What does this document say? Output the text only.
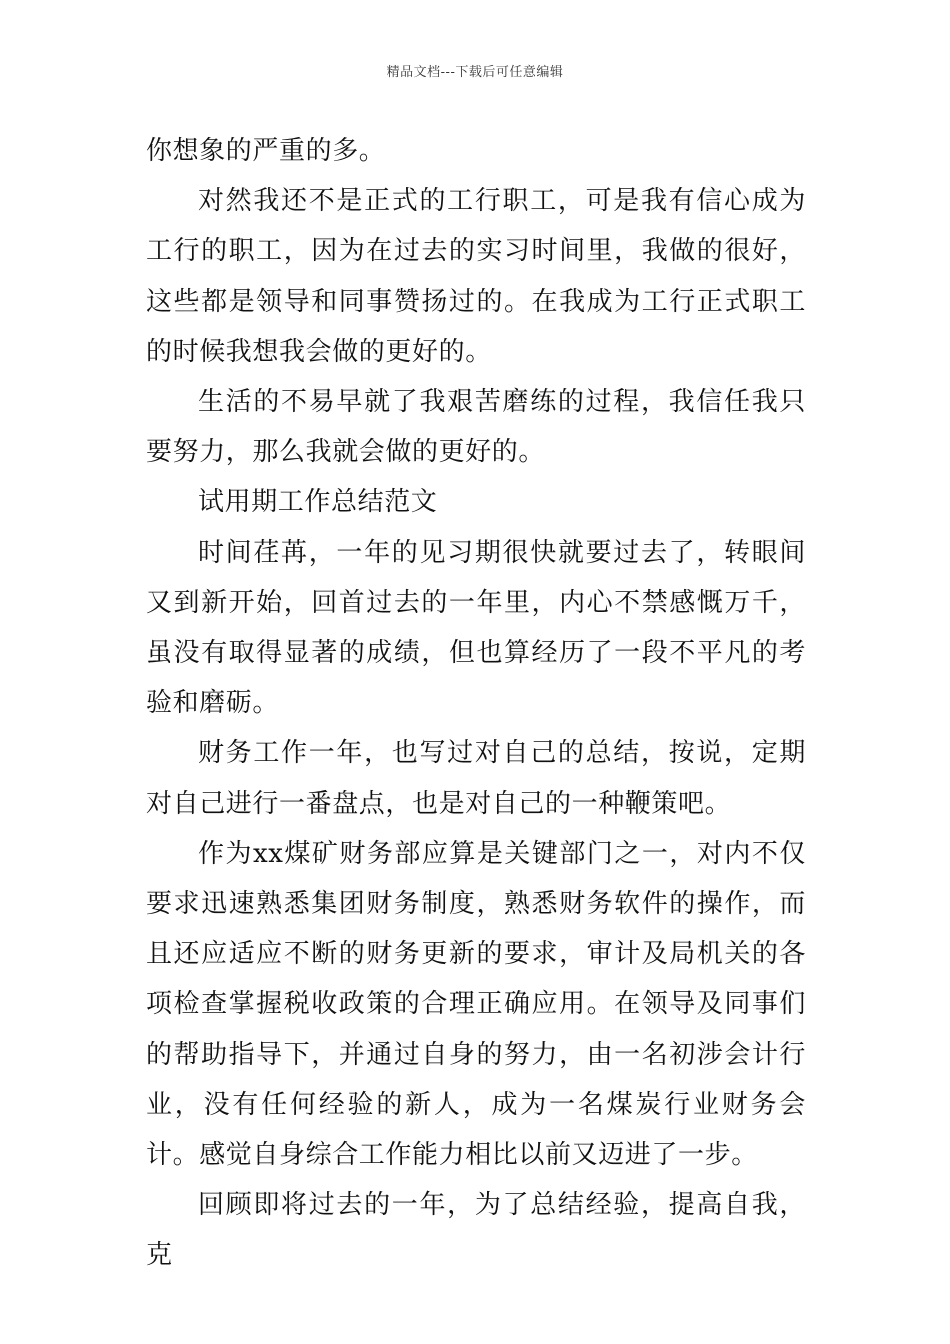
精品文档---下载后可任意编辑

你想象的严重的多。

对然我还不是正式的工行职工，可是我有信心成为工行的职工，因为在过去的实习时间里，我做的很好，这些都是领导和同事赞扬过的。在我成为工行正式职工的时候我想我会做的更好的。

生活的不易早就了我艰苦磨练的过程，我信任我只要努力，那么我就会做的更好的。

试用期工作总结范文

时间荏苒，一年的见习期很快就要过去了，转眼间又到新开始，回首过去的一年里，内心不禁感慨万千，虽没有取得显著的成绩，但也算经历了一段不平凡的考验和磨砺。

财务工作一年，也写过对自己的总结，按说，定期对自己进行一番盘点，也是对自己的一种鞭策吧。

作为xx煤矿财务部应算是关键部门之一，对内不仅要求迅速熟悉集团财务制度，熟悉财务软件的操作，而且还应适应不断的财务更新的要求，审计及局机关的各项检查掌握税收政策的合理正确应用。在领导及同事们的帮助指导下，并通过自身的努力，由一名初涉会计行业，没有任何经验的新人，成为一名煤炭行业财务会计。感觉自身综合工作能力相比以前又迈进了一步。

回顾即将过去的一年，为了总结经验，提高自我，克
